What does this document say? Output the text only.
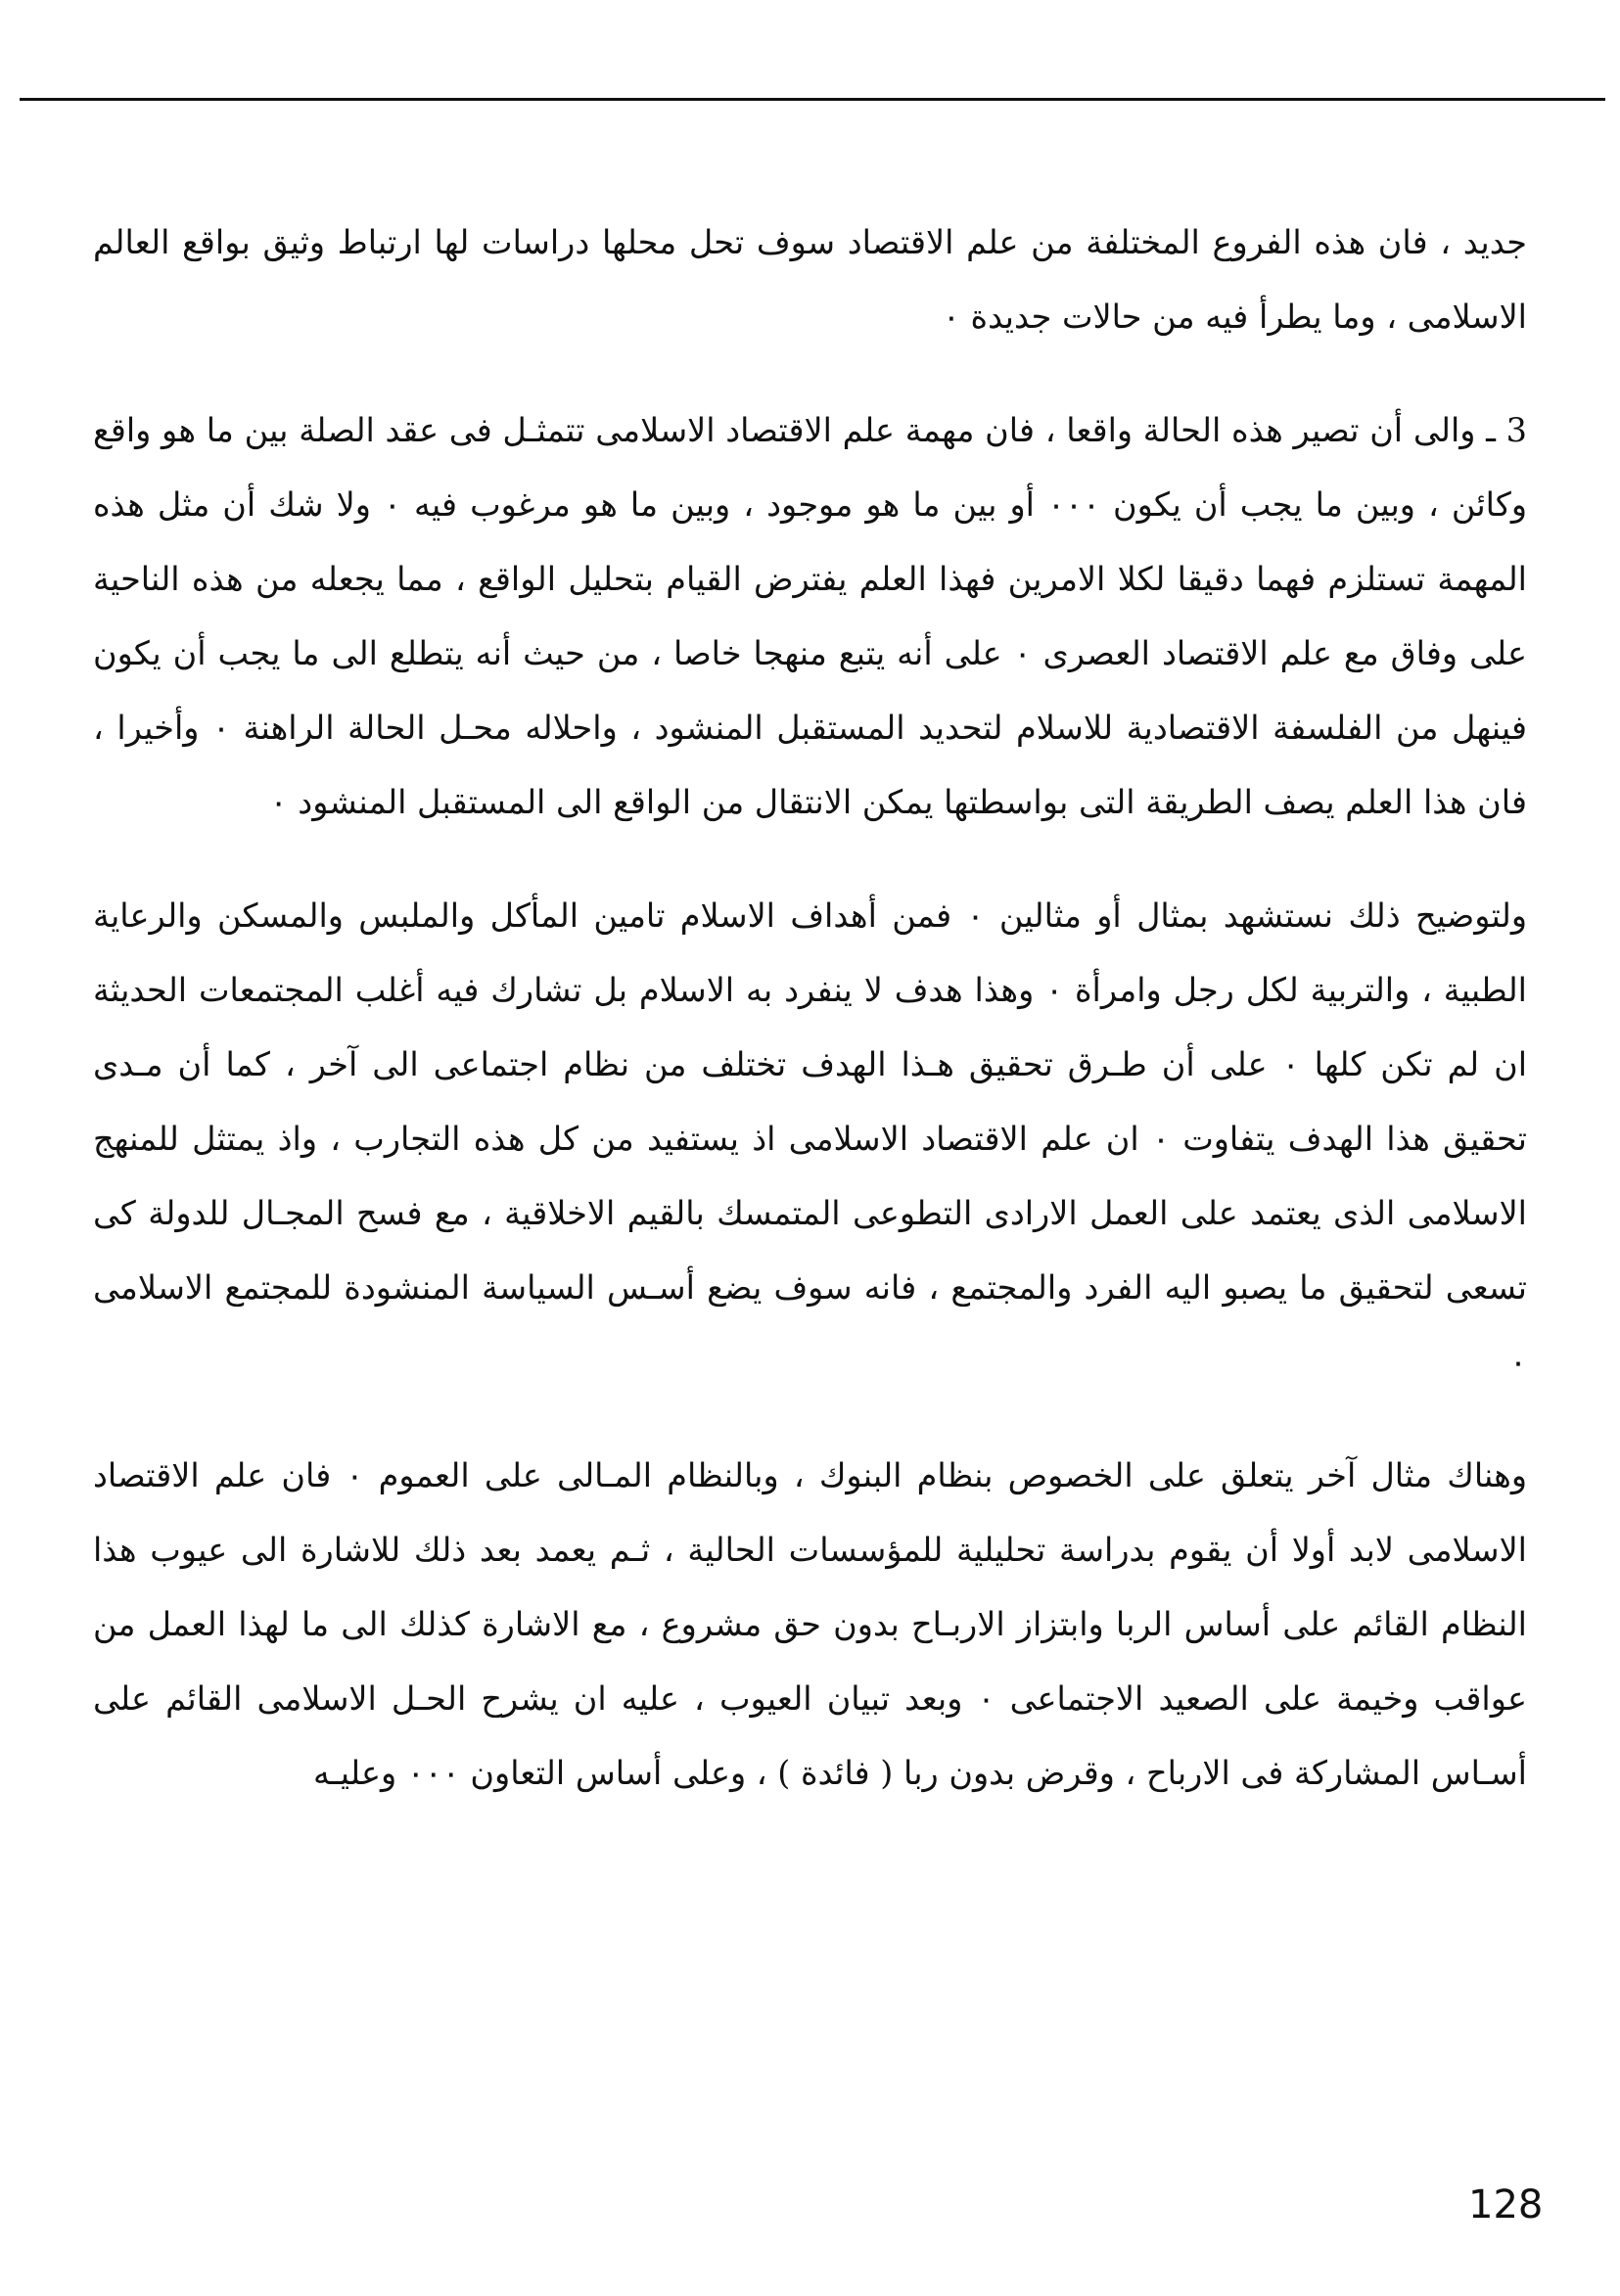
جديد ، فان هذه الفروع المختلفة من علم الاقتصاد سوف تحل محلها دراسات لها ارتباط وثيق بواقع العالم الاسلامى ، وما يطرأ فيه من حالات جديدة ٠

3 ـ والى أن تصير هذه الحالة واقعا ، فان مهمة علم الاقتصاد الاسلامى تتمثـل فى عقد الصلة بين ما هو واقع وكائن ، وبين ما يجب أن يكون ٠٠٠ أو بين ما هو موجود ، وبين ما هو مرغوب فيه ٠ ولا شك أن مثل هذه المهمة تستلزم فهما دقيقا لكلا الامرين فهذا العلم يفترض القيام بتحليل الواقع ، مما يجعله من هذه الناحية على وفاق مع علم الاقتصاد العصرى ٠ على أنه يتبع منهجا خاصا ، من حيث أنه يتطلع الى ما يجب أن يكون فينهل من الفلسفة الاقتصادية للاسلام لتحديد المستقبل المنشود ، واحلاله محـل الحالة الراهنة ٠ وأخيرا ، فان هذا العلم يصف الطريقة التى بواسطتها يمكن الانتقال من الواقع الى المستقبل المنشود ٠

ولتوضيح ذلك نستشهد بمثال أو مثالين ٠ فمن أهداف الاسلام تامين المأكل والملبس والمسكن والرعاية الطبية ، والتربية لكل رجل وامرأة ٠ وهذا هدف لا ينفرد به الاسلام بل تشارك فيه أغلب المجتمعات الحديثة ان لم تكن كلها ٠ على أن طـرق تحقيق هـذا الهدف تختلف من نظام اجتماعى الى آخر ، كما أن مـدى تحقيق هذا الهدف يتفاوت ٠ ان علم الاقتصاد الاسلامى اذ يستفيد من كل هذه التجارب ، واذ يمتثل للمنهج الاسلامى الذى يعتمد على العمل الارادى التطوعى المتمسك بالقيم الاخلاقية ، مع فسح المجـال للدولة كى تسعى لتحقيق ما يصبو اليه الفرد والمجتمع ، فانه سوف يضع أسـس السياسة المنشودة للمجتمع الاسلامى ٠

وهناك مثال آخر يتعلق على الخصوص بنظام البنوك ، وبالنظام المـالى على العموم ٠ فان علم الاقتصاد الاسلامى لابد أولا أن يقوم بدراسة تحليلية للمؤسسات الحالية ، ثـم يعمد بعد ذلك للاشارة الى عيوب هذا النظام القائم على أساس الربا وابتزاز الاربـاح بدون حق مشروع ، مع الاشارة كذلك الى ما لهذا العمل من عواقب وخيمة على الصعيد الاجتماعى ٠ وبعد تبيان العيوب ، عليه ان يشرح الحـل الاسلامى القائم على أسـاس المشاركة فى الارباح ، وقرض بدون ربا ( فائدة ) ، وعلى أساس التعاون ٠٠٠ وعليـه

128
